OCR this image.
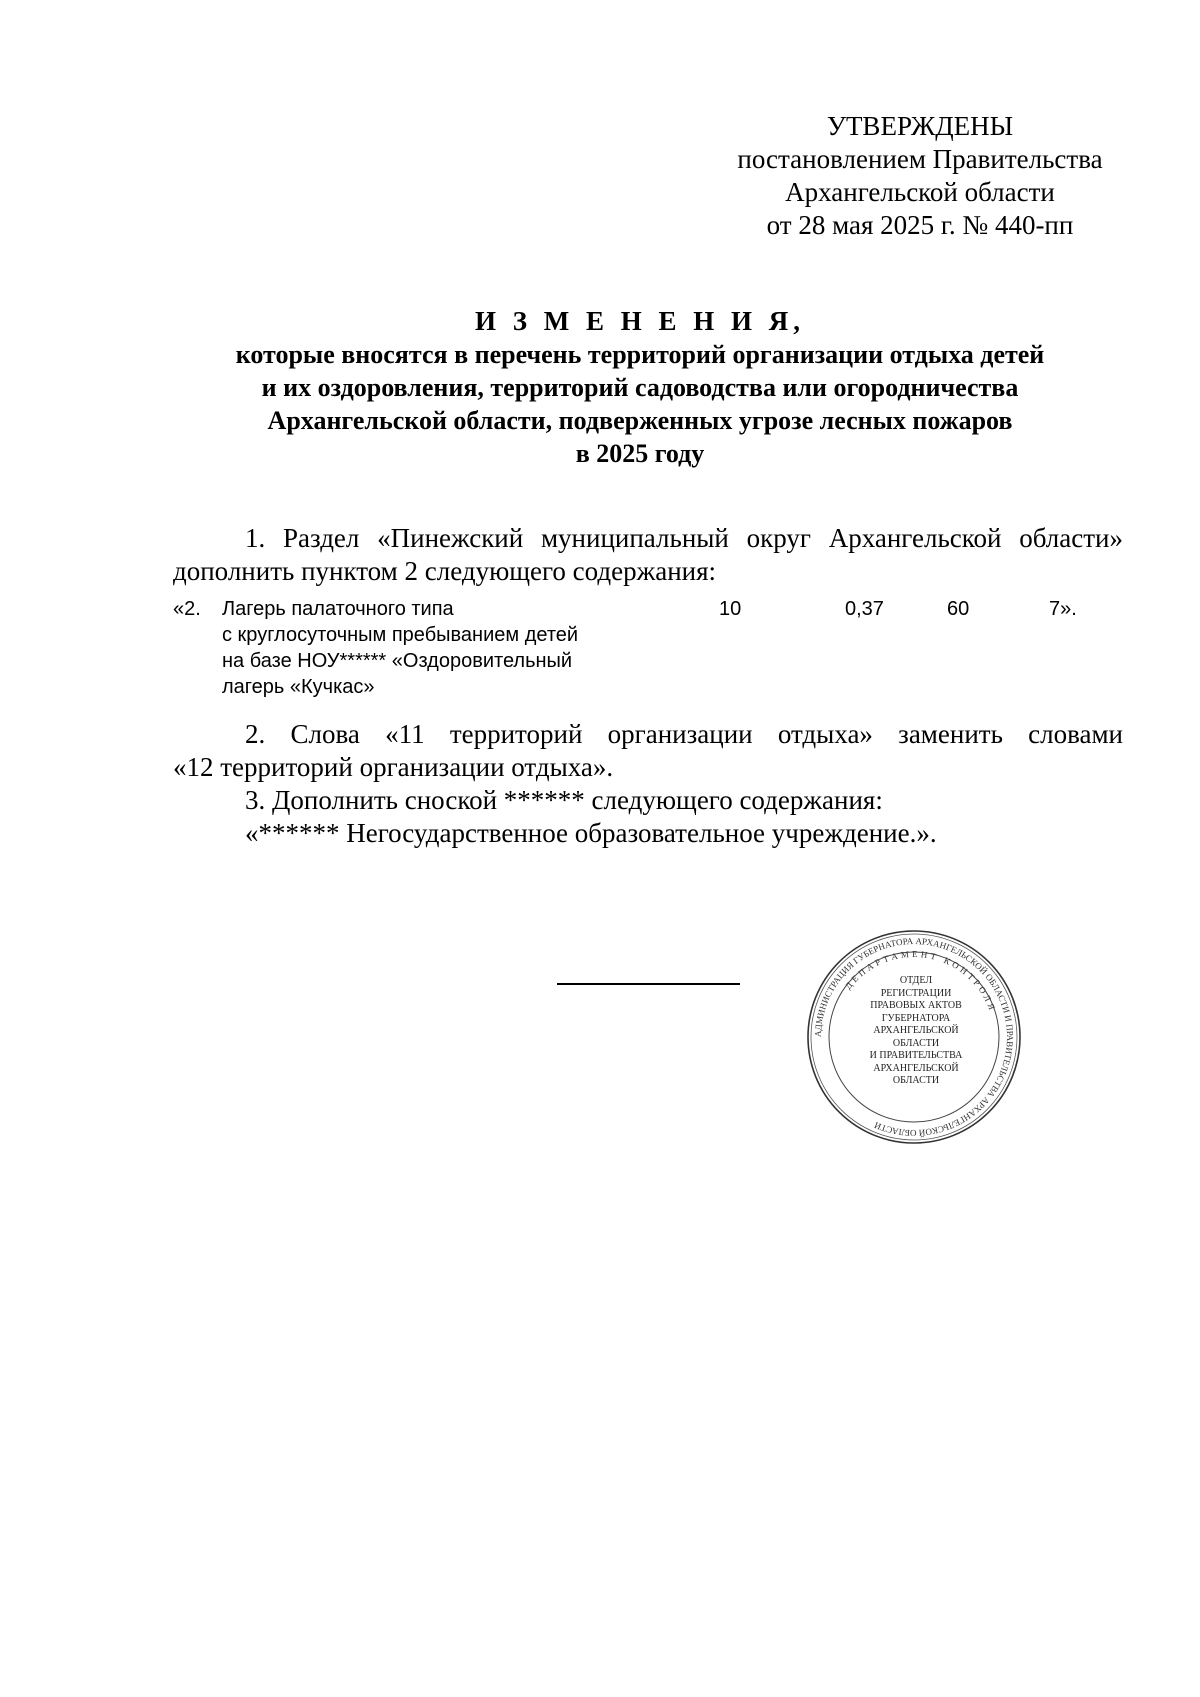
УТВЕРЖДЕНЫ
постановлением Правительства
Архангельской области
от 28 мая 2025 г. № 440-пп
И З М Е Н Е Н И Я,
которые вносятся в перечень территорий организации отдыха детей
и их оздоровления, территорий садоводства или огородничества
Архангельской области, подверженных угрозе лесных пожаров
в 2025 году
1. Раздел «Пинежский муниципальный округ Архангельской области»
дополнить пунктом 2 следующего содержания:
«2. Лагерь палаточного типа
с круглосуточным пребыванием детей
на базе НОУ****** «Оздоровительный
лагерь «Кучкас»
10	0,37	60	7».
2. Слова «11 территорий организации отдыха» заменить словами
«12 территорий организации отдыха».
3. Дополнить сноской ****** следующего содержания:
«****** Негосударственное образовательное учреждение.».
АДМИНИСТРАЦИЯ ГУБЕРНАТОРА АРХАНГЕЛЬСКОЙ ОБЛАСТИ И ПРАВИТЕЛЬСТВА АРХАНГЕЛЬСКОЙ ОБЛАСТИ
ДЕПАРТАМЕНТ КОНТРОЛЯ
ОТДЕЛ
РЕГИСТРАЦИИ
ПРАВОВЫХ АКТОВ
ГУБЕРНАТОРА
АРХАНГЕЛЬСКОЙ
ОБЛАСТИ
И ПРАВИТЕЛЬСТВА
АРХАНГЕЛЬСКОЙ
ОБЛАСТИ
